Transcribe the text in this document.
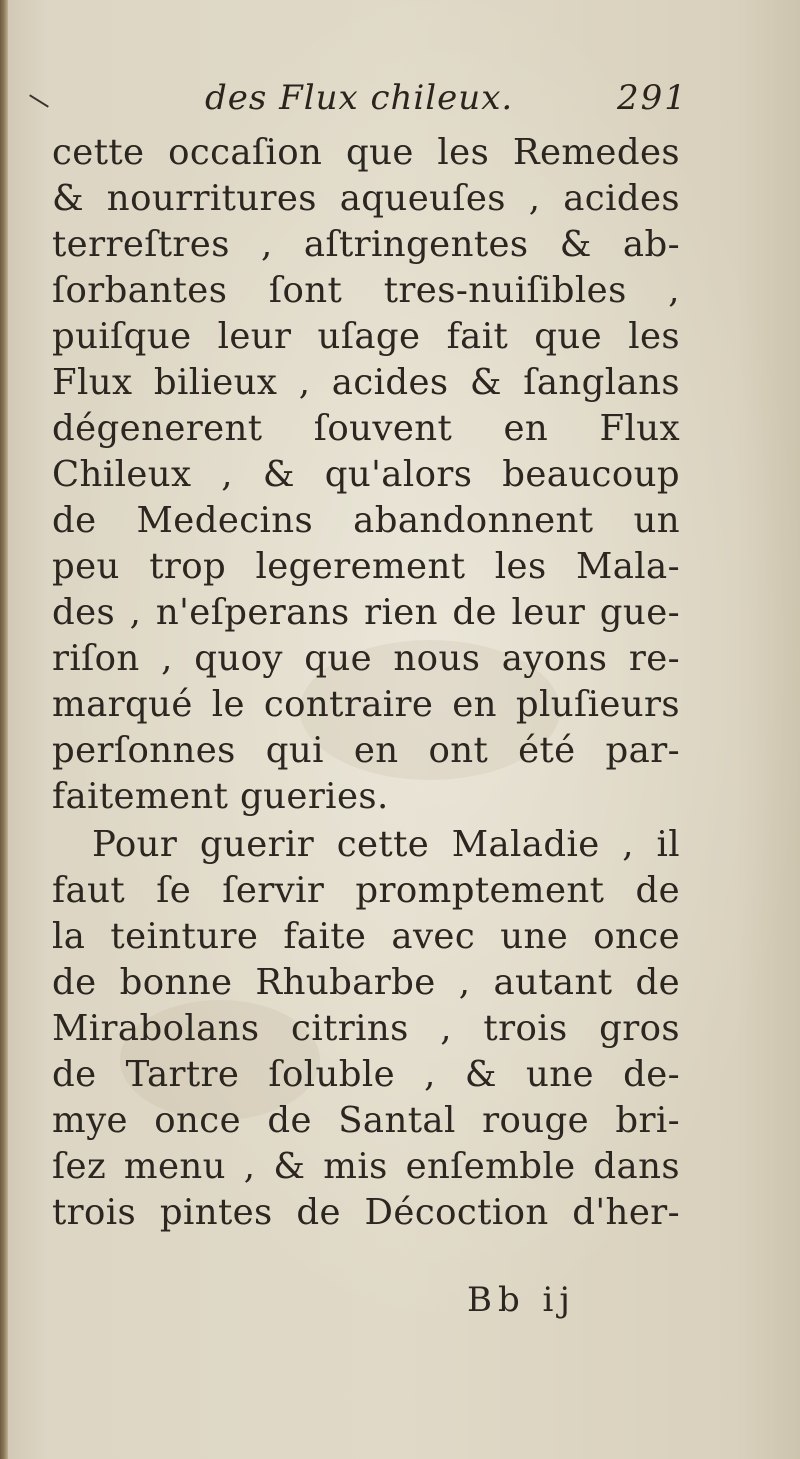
des Flux chileux.	291
cette occaſion que les Remedes
& nourritures aqueuſes , acides
terreſtres , aſtringentes & ab-
ſorbantes ſont tres-nuiſibles ,
puiſque leur uſage fait que les
Flux bilieux , acides & ſanglans
dégenerent ſouvent en Flux
Chileux , & qu'alors beaucoup
de Medecins abandonnent un
peu trop legerement les Mala-
des , n'eſperans rien de leur gue-
riſon , quoy que nous ayons re-
marqué le contraire en pluſieurs
perſonnes qui en ont été par-
faitement gueries.
Pour guerir cette Maladie , il
faut ſe ſervir promptement de
la teinture faite avec une once
de bonne Rhubarbe , autant de
Mirabolans citrins , trois gros
de Tartre ſoluble , & une de-
mye once de Santal rouge bri-
ſez menu , & mis enſemble dans
trois pintes de Décoction d'her-
Bb ij
